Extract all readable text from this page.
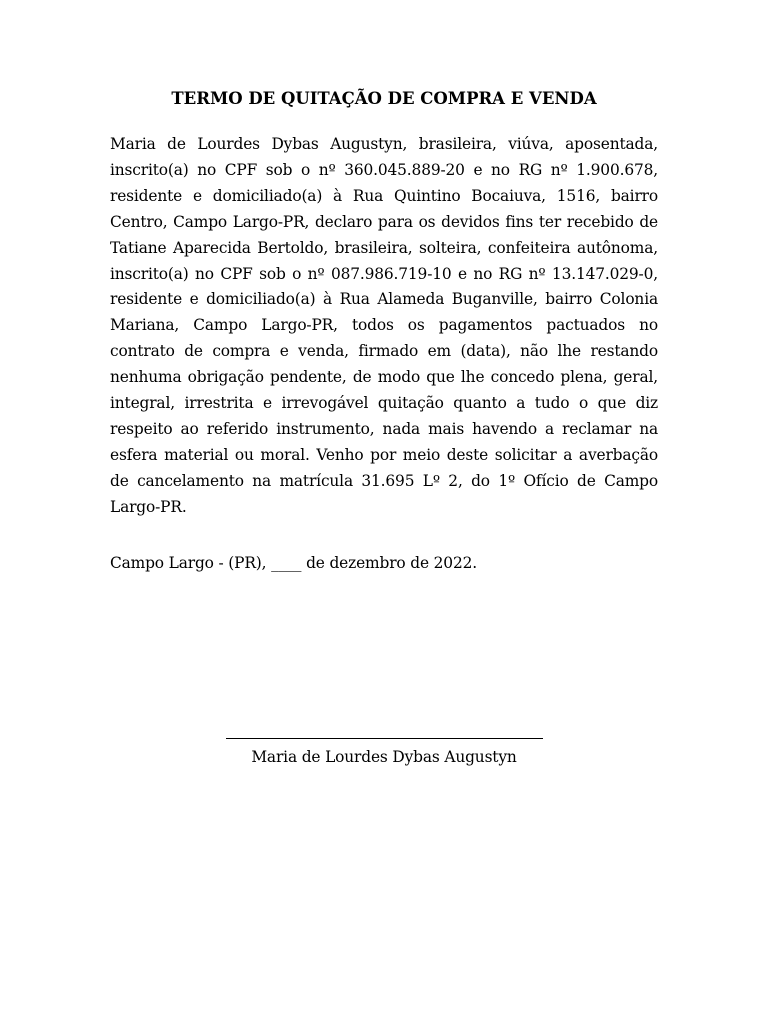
TERMO DE QUITAÇÃO DE COMPRA E VENDA

Maria de Lourdes Dybas Augustyn, brasileira, viúva, aposentada, inscrito(a) no CPF sob o nº 360.045.889-20 e no RG nº 1.900.678, residente e domiciliado(a) à Rua Quintino Bocaiuva, 1516, bairro Centro, Campo Largo-PR, declaro para os devidos fins ter recebido de Tatiane Aparecida Bertoldo, brasileira, solteira, confeiteira autônoma, inscrito(a) no CPF sob o nº 087.986.719-10 e no RG nº 13.147.029-0, residente e domiciliado(a) à Rua Alameda Buganville, bairro Colonia Mariana, Campo Largo-PR, todos os pagamentos pactuados no contrato de compra e venda, firmado em (data), não lhe restando nenhuma obrigação pendente, de modo que lhe concedo plena, geral, integral, irrestrita e irrevogável quitação quanto a tudo o que diz respeito ao referido instrumento, nada mais havendo a reclamar na esfera material ou moral. Venho por meio deste solicitar a averbação de cancelamento na matrícula 31.695 Lº 2, do 1º Ofício de Campo Largo-PR.

Campo Largo - (PR), ____ de dezembro de 2022.

Maria de Lourdes Dybas Augustyn
